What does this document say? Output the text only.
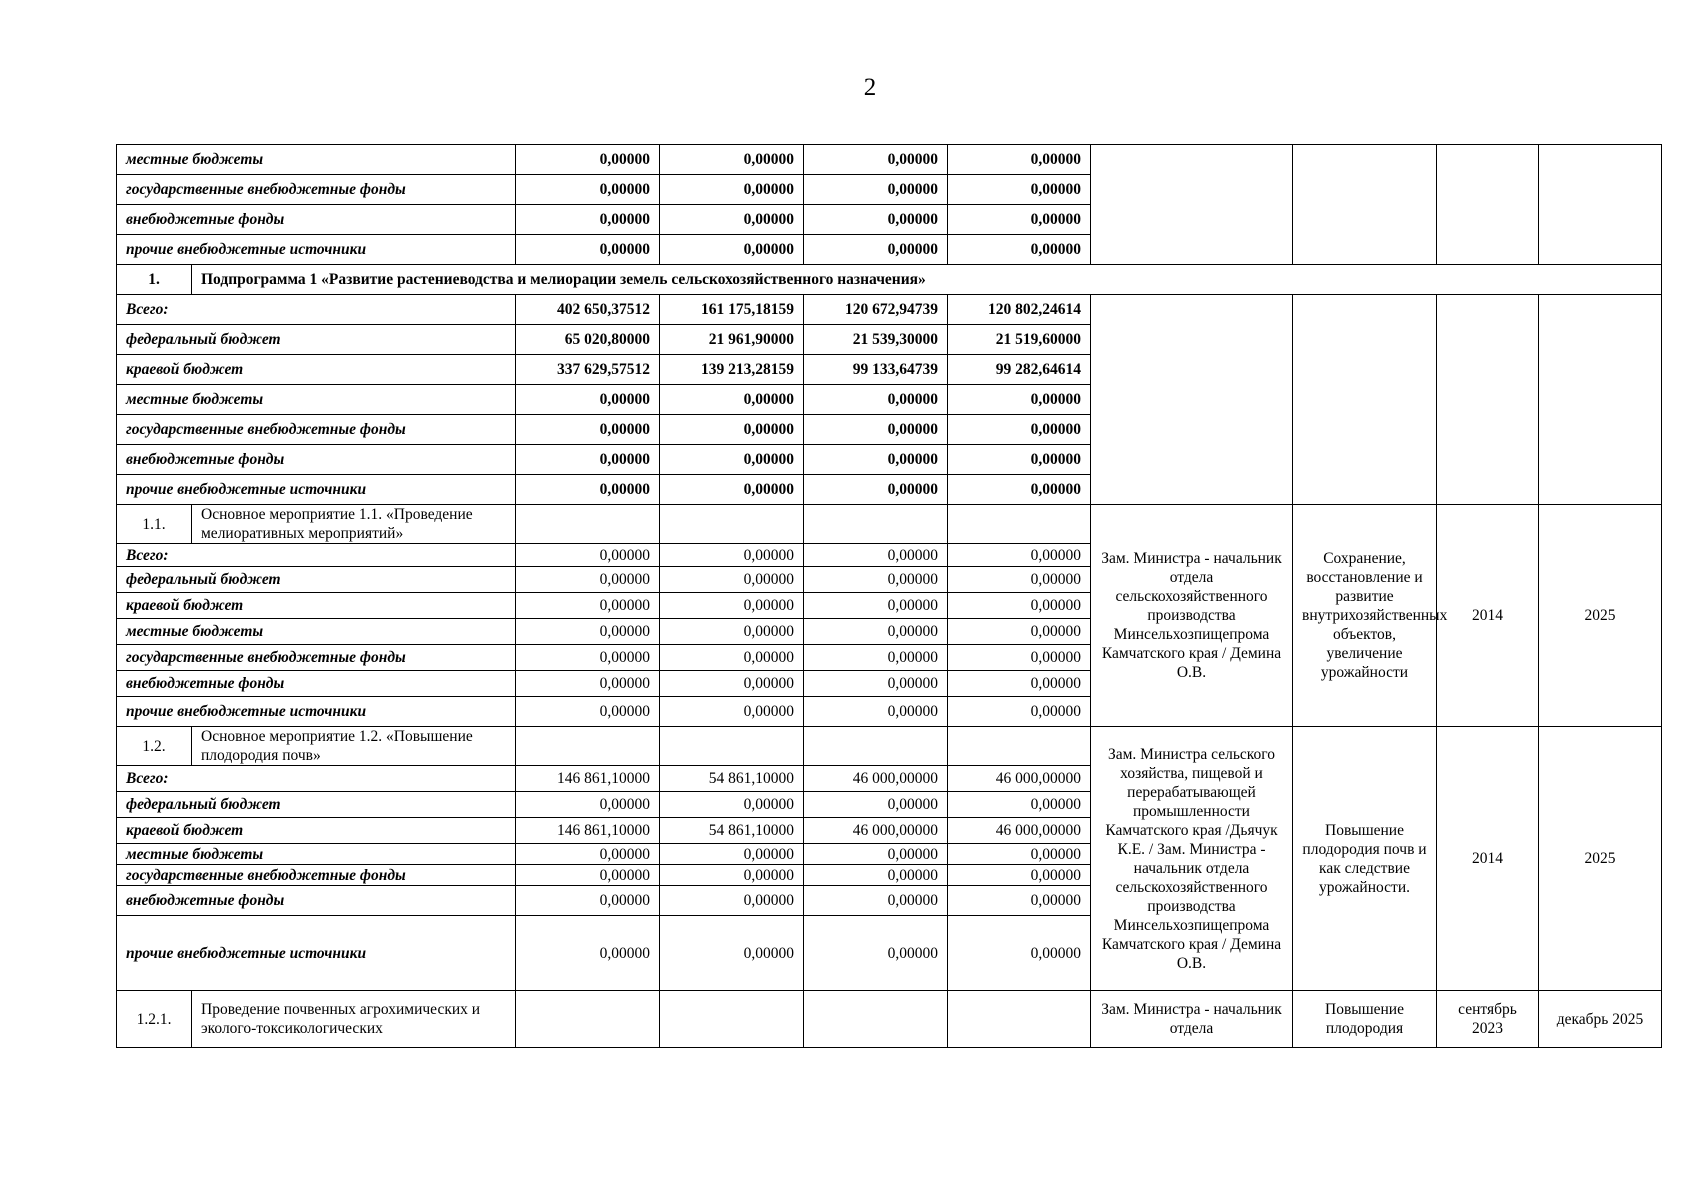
2
местные бюджеты		0,00000	0,00000	0,00000	0,00000				
государственные внебюджетные фонды		0,00000	0,00000	0,00000	0,00000				
внебюджетные фонды		0,00000	0,00000	0,00000	0,00000				
прочие внебюджетные источники		0,00000	0,00000	0,00000	0,00000				
1.	Подпрограмма 1 «Развитие растениеводства и мелиорации земель сельскохозяйственного назначения»								
Всего:		402 650,37512	161 175,18159	120 672,94739	120 802,24614				
федеральный бюджет		65 020,80000	21 961,90000	21 539,30000	21 519,60000				
краевой бюджет		337 629,57512	139 213,28159	99 133,64739	99 282,64614				
местные бюджеты		0,00000	0,00000	0,00000	0,00000				
государственные внебюджетные фонды		0,00000	0,00000	0,00000	0,00000				
внебюджетные фонды		0,00000	0,00000	0,00000	0,00000				
прочие внебюджетные источники		0,00000	0,00000	0,00000	0,00000				
1.1.	Основное мероприятие 1.1. «Проведение мелиоративных мероприятий»					Зам. Министра - начальник отдела сельскохозяйственного производства Минсельхозпищепрома Камчатского края / Демина О.В.	Сохранение, восстановление и развитие внутрихозяйственных объектов, увеличение урожайности	2014	2025
Всего:		0,00000	0,00000	0,00000	0,00000				
федеральный бюджет		0,00000	0,00000	0,00000	0,00000				
краевой бюджет		0,00000	0,00000	0,00000	0,00000				
местные бюджеты		0,00000	0,00000	0,00000	0,00000				
государственные внебюджетные фонды		0,00000	0,00000	0,00000	0,00000				
внебюджетные фонды		0,00000	0,00000	0,00000	0,00000				
прочие внебюджетные источники		0,00000	0,00000	0,00000	0,00000				
1.2.	Основное мероприятие 1.2. «Повышение плодородия почв»					Зам. Министра сельского хозяйства, пищевой и перерабатывающей промышленности Камчатского края /Дьячук К.Е. / Зам. Министра - начальник отдела сельскохозяйственного производства Минсельхозпищепрома Камчатского края / Демина О.В.	Повышение плодородия почв и как следствие урожайности.	2014	2025
Всего:		146 861,10000	54 861,10000	46 000,00000	46 000,00000				
федеральный бюджет		0,00000	0,00000	0,00000	0,00000				
краевой бюджет		146 861,10000	54 861,10000	46 000,00000	46 000,00000				
местные бюджеты		0,00000	0,00000	0,00000	0,00000				
государственные внебюджетные фонды		0,00000	0,00000	0,00000	0,00000				
внебюджетные фонды		0,00000	0,00000	0,00000	0,00000				
прочие внебюджетные источники		0,00000	0,00000	0,00000	0,00000				
1.2.1.	Проведение почвенных агрохимических и эколого-токсикологических					Зам. Министра - начальник отдела	Повышение плодородия	сентябрь 2023	декабрь 2025
